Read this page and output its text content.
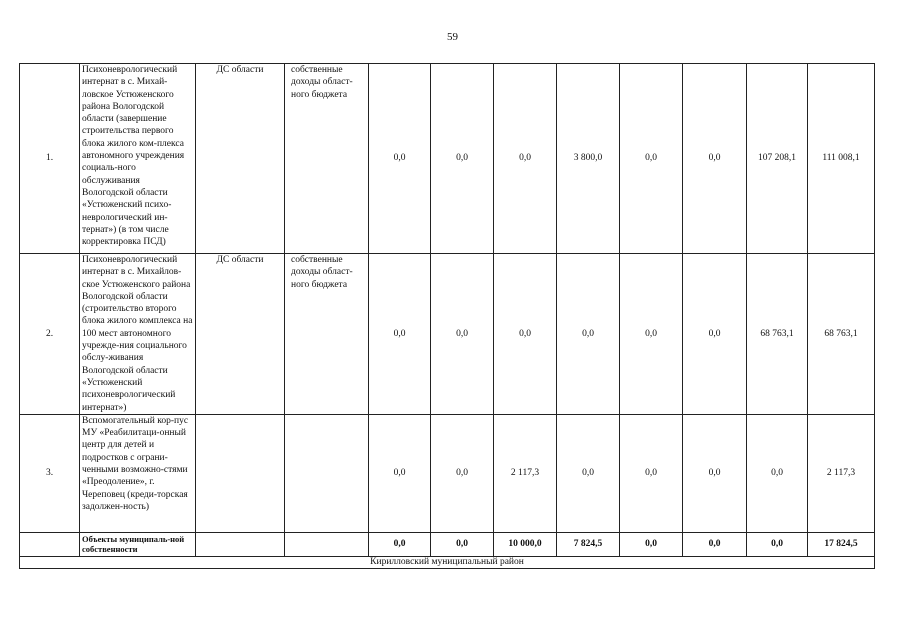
59
1.	Психоневрологический интернат в с. Михай-ловское Устюженского района Вологодской области (завершение строительства первого блока жилого ком-плекса автономного учреждения социаль-ного обслуживания Вологодской области «Устюженский психо-неврологический ин-тернат») (в том числе корректировка ПСД)	ДС области	собственные доходы област-ного бюджета	0,0	0,0	0,0	3 800,0	0,0	0,0	107 208,1	111 008,1
2.	Психоневрологический интернат в с. Михайлов-ское Устюженского района Вологодской области (строительство второго блока жилого комплекса на 100 мест автономного учрежде-ния социального обслу-живания Вологодской области «Устюженский психоневрологический интернат»)	ДС области	собственные доходы област-ного бюджета	0,0	0,0	0,0	0,0	0,0	0,0	68 763,1	68 763,1
3.	Вспомогательный кор-пус МУ «Реабилитаци-онный центр для детей и подростков с ограни-ченными возможно-стями «Преодоление», г. Череповец (креди-торская задолжен-ность)			0,0	0,0	2 117,3	0,0	0,0	0,0	0,0	2 117,3
	Объекты муниципаль-ной собственности			0,0	0,0	10 000,0	7 824,5	0,0	0,0	0,0	17 824,5
Кирилловский муниципальный район											
